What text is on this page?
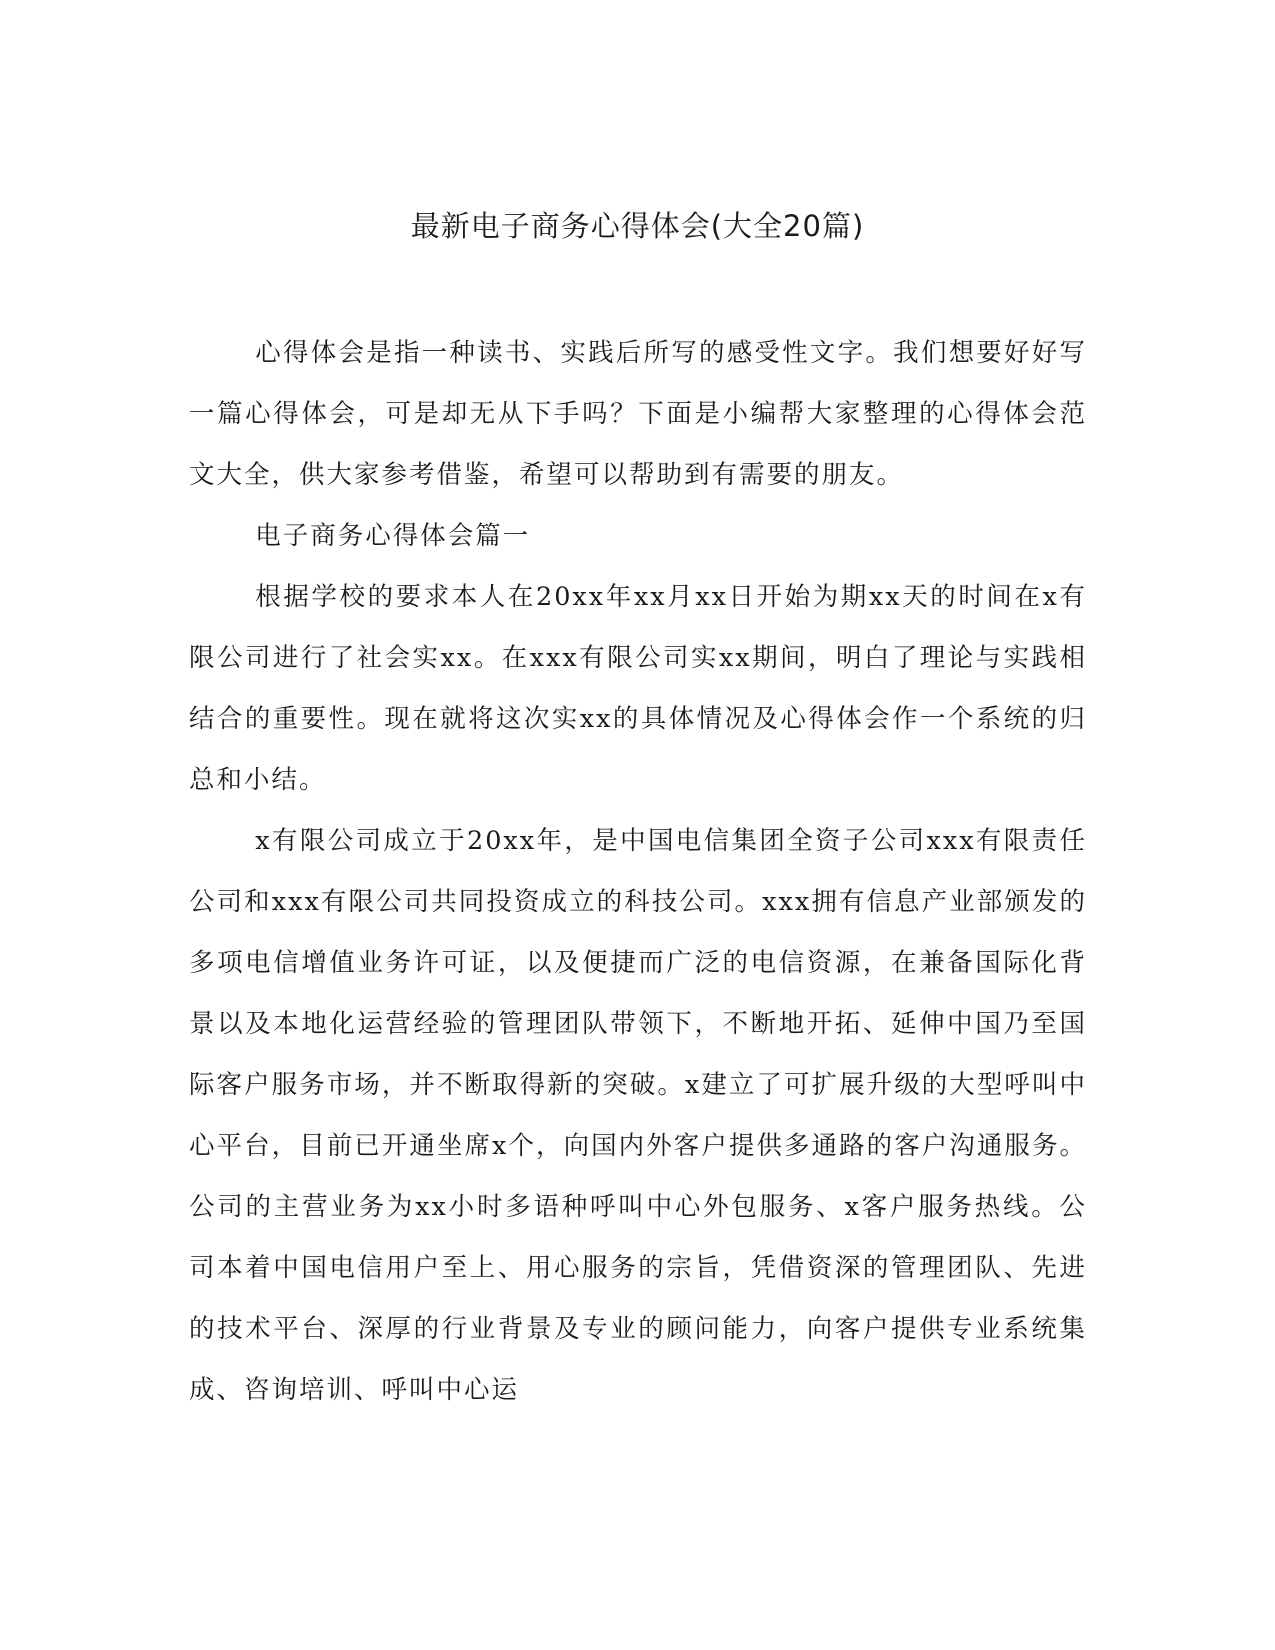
最新电子商务心得体会(大全20篇)

心得体会是指一种读书、实践后所写的感受性文字。我们想要好好写一篇心得体会，可是却无从下手吗？下面是小编帮大家整理的心得体会范文大全，供大家参考借鉴，希望可以帮助到有需要的朋友。

电子商务心得体会篇一

根据学校的要求本人在20xx年xx月xx日开始为期xx天的时间在x有限公司进行了社会实xx。在xxx有限公司实xx期间，明白了理论与实践相结合的重要性。现在就将这次实xx的具体情况及心得体会作一个系统的归总和小结。

x有限公司成立于20xx年，是中国电信集团全资子公司xxx有限责任公司和xxx有限公司共同投资成立的科技公司。xxx拥有信息产业部颁发的多项电信增值业务许可证，以及便捷而广泛的电信资源，在兼备国际化背景以及本地化运营经验的管理团队带领下，不断地开拓、延伸中国乃至国际客户服务市场，并不断取得新的突破。x建立了可扩展升级的大型呼叫中心平台，目前已开通坐席x个，向国内外客户提供多通路的客户沟通服务。公司的主营业务为xx小时多语种呼叫中心外包服务、x客户服务热线。公司本着中国电信用户至上、用心服务的宗旨，凭借资深的管理团队、先进的技术平台、深厚的行业背景及专业的顾问能力，向客户提供专业系统集成、咨询培训、呼叫中心运
